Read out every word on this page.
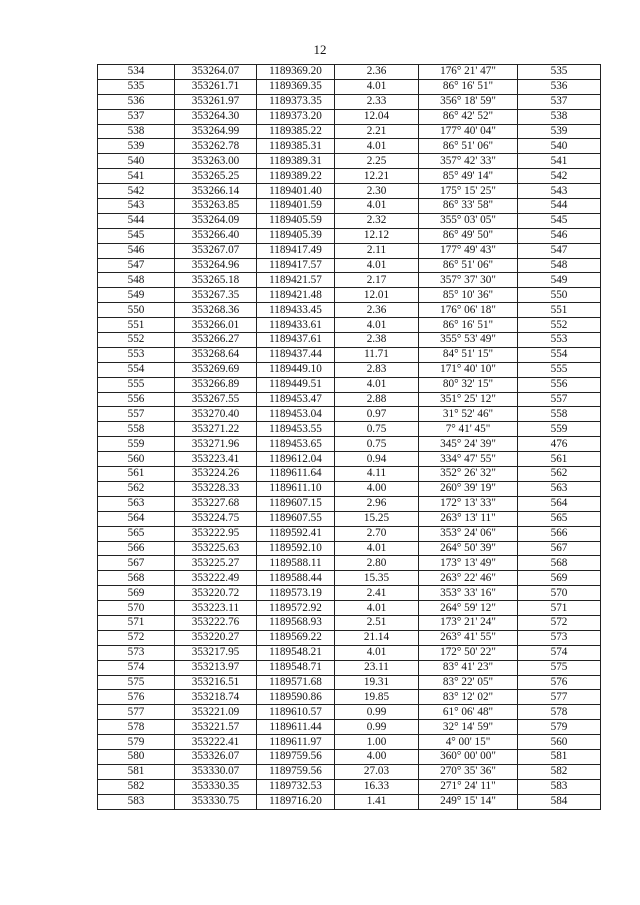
12
534	353264.07	1189369.20	2.36	176° 21' 47"	535
535	353261.71	1189369.35	4.01	86° 16' 51"	536
536	353261.97	1189373.35	2.33	356° 18' 59"	537
537	353264.30	1189373.20	12.04	86° 42' 52"	538
538	353264.99	1189385.22	2.21	177° 40' 04"	539
539	353262.78	1189385.31	4.01	86° 51' 06"	540
540	353263.00	1189389.31	2.25	357° 42' 33"	541
541	353265.25	1189389.22	12.21	85° 49' 14"	542
542	353266.14	1189401.40	2.30	175° 15' 25"	543
543	353263.85	1189401.59	4.01	86° 33' 58"	544
544	353264.09	1189405.59	2.32	355° 03' 05"	545
545	353266.40	1189405.39	12.12	86° 49' 50"	546
546	353267.07	1189417.49	2.11	177° 49' 43"	547
547	353264.96	1189417.57	4.01	86° 51' 06"	548
548	353265.18	1189421.57	2.17	357° 37' 30"	549
549	353267.35	1189421.48	12.01	85° 10' 36"	550
550	353268.36	1189433.45	2.36	176° 06' 18"	551
551	353266.01	1189433.61	4.01	86° 16' 51"	552
552	353266.27	1189437.61	2.38	355° 53' 49"	553
553	353268.64	1189437.44	11.71	84° 51' 15"	554
554	353269.69	1189449.10	2.83	171° 40' 10"	555
555	353266.89	1189449.51	4.01	80° 32' 15"	556
556	353267.55	1189453.47	2.88	351° 25' 12"	557
557	353270.40	1189453.04	0.97	31° 52' 46"	558
558	353271.22	1189453.55	0.75	7° 41' 45"	559
559	353271.96	1189453.65	0.75	345° 24' 39"	476
560	353223.41	1189612.04	0.94	334° 47' 55"	561
561	353224.26	1189611.64	4.11	352° 26' 32"	562
562	353228.33	1189611.10	4.00	260° 39' 19"	563
563	353227.68	1189607.15	2.96	172° 13' 33"	564
564	353224.75	1189607.55	15.25	263° 13' 11"	565
565	353222.95	1189592.41	2.70	353° 24' 06"	566
566	353225.63	1189592.10	4.01	264° 50' 39"	567
567	353225.27	1189588.11	2.80	173° 13' 49"	568
568	353222.49	1189588.44	15.35	263° 22' 46"	569
569	353220.72	1189573.19	2.41	353° 33' 16"	570
570	353223.11	1189572.92	4.01	264° 59' 12"	571
571	353222.76	1189568.93	2.51	173° 21' 24"	572
572	353220.27	1189569.22	21.14	263° 41' 55"	573
573	353217.95	1189548.21	4.01	172° 50' 22"	574
574	353213.97	1189548.71	23.11	83° 41' 23"	575
575	353216.51	1189571.68	19.31	83° 22' 05"	576
576	353218.74	1189590.86	19.85	83° 12' 02"	577
577	353221.09	1189610.57	0.99	61° 06' 48"	578
578	353221.57	1189611.44	0.99	32° 14' 59"	579
579	353222.41	1189611.97	1.00	4° 00' 15"	560
580	353326.07	1189759.56	4.00	360° 00' 00"	581
581	353330.07	1189759.56	27.03	270° 35' 36"	582
582	353330.35	1189732.53	16.33	271° 24' 11"	583
583	353330.75	1189716.20	1.41	249° 15' 14"	584
